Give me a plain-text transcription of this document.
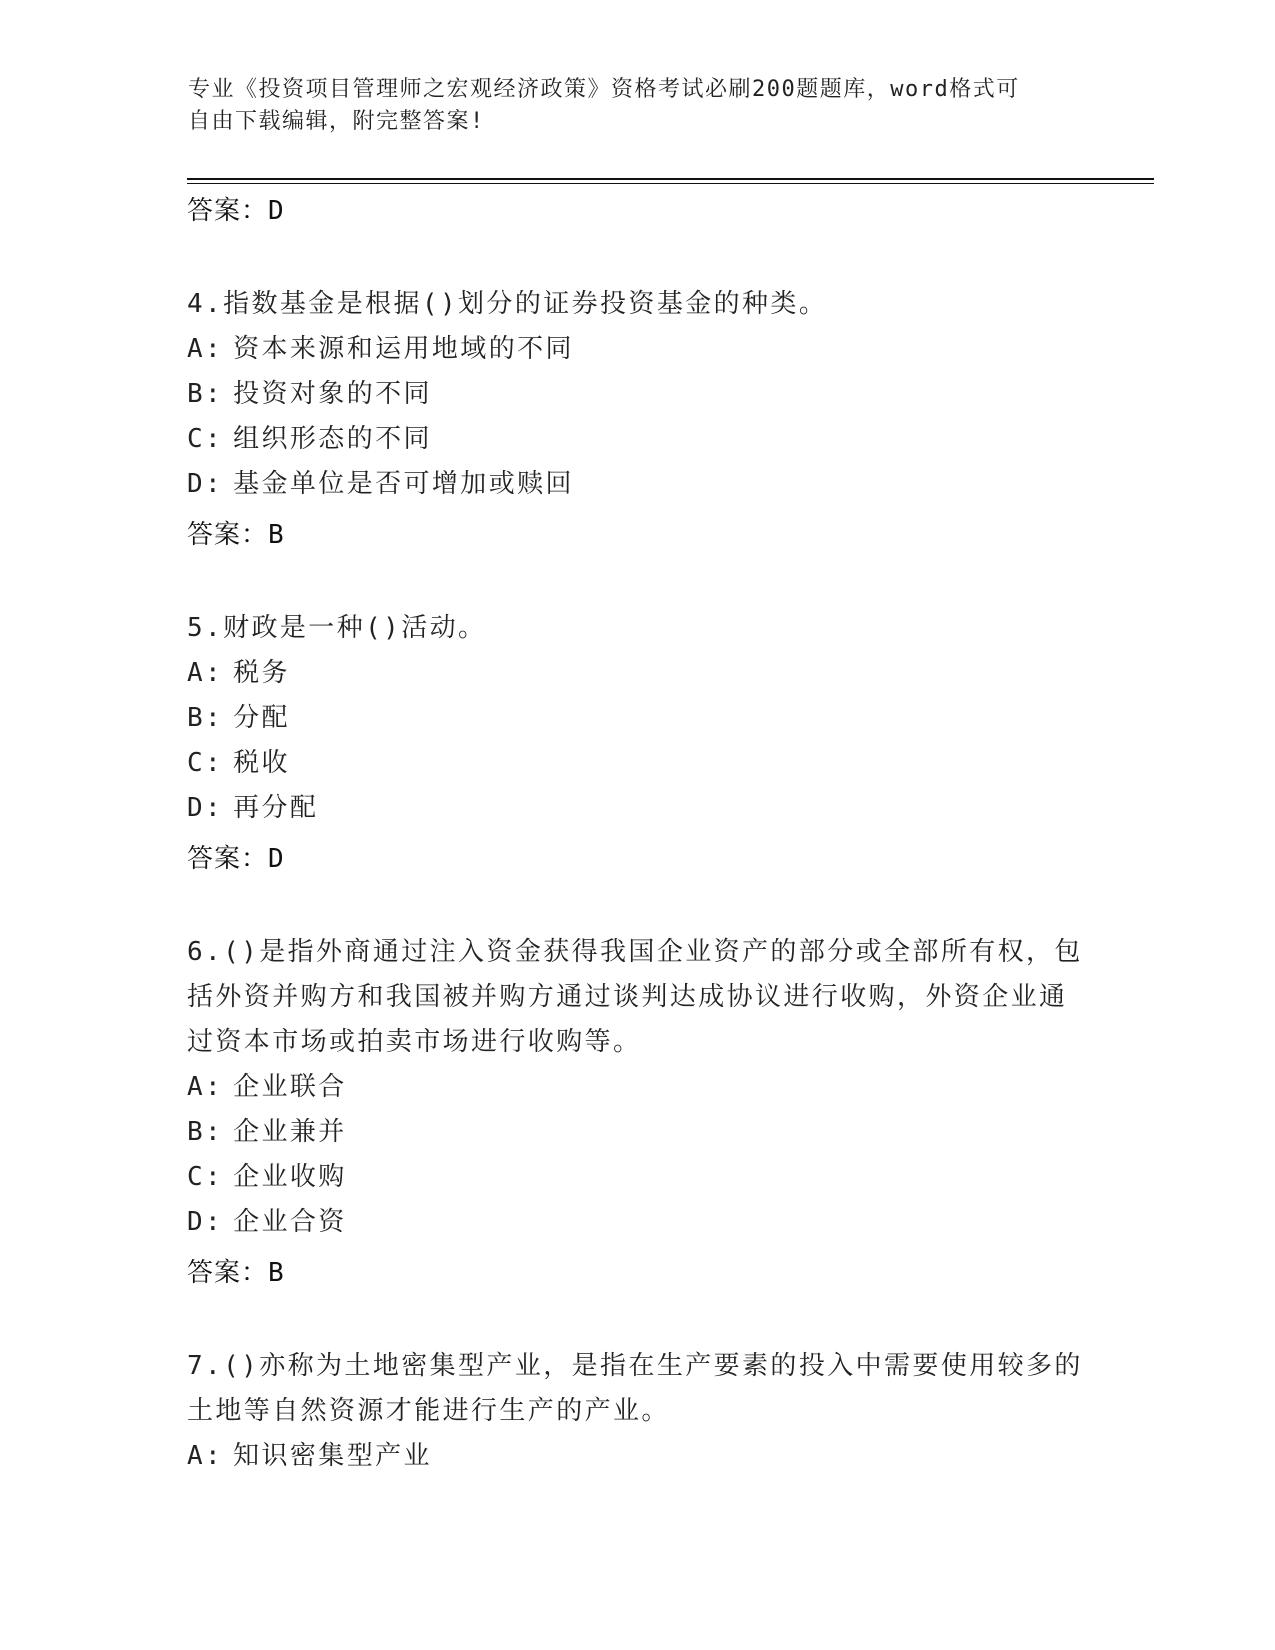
专业《投资项目管理师之宏观经济政策》资格考试必刷200题题库，word格式可
自由下载编辑，附完整答案!
答案：D

4.指数基金是根据()划分的证券投资基金的种类。

A: 资本来源和运用地域的不同
B: 投资对象的不同
C: 组织形态的不同
D: 基金单位是否可增加或赎回
答案：B

5.财政是一种()活动。

A: 税务
B: 分配
C: 税收
D: 再分配
答案：D

6.()是指外商通过注入资金获得我国企业资产的部分或全部所有权，包括外资并购方和我国被并购方通过谈判达成协议进行收购，外资企业通过资本市场或拍卖市场进行收购等。

A: 企业联合
B: 企业兼并
C: 企业收购
D: 企业合资
答案：B

7.()亦称为土地密集型产业，是指在生产要素的投入中需要使用较多的土地等自然资源才能进行生产的产业。

A: 知识密集型产业
